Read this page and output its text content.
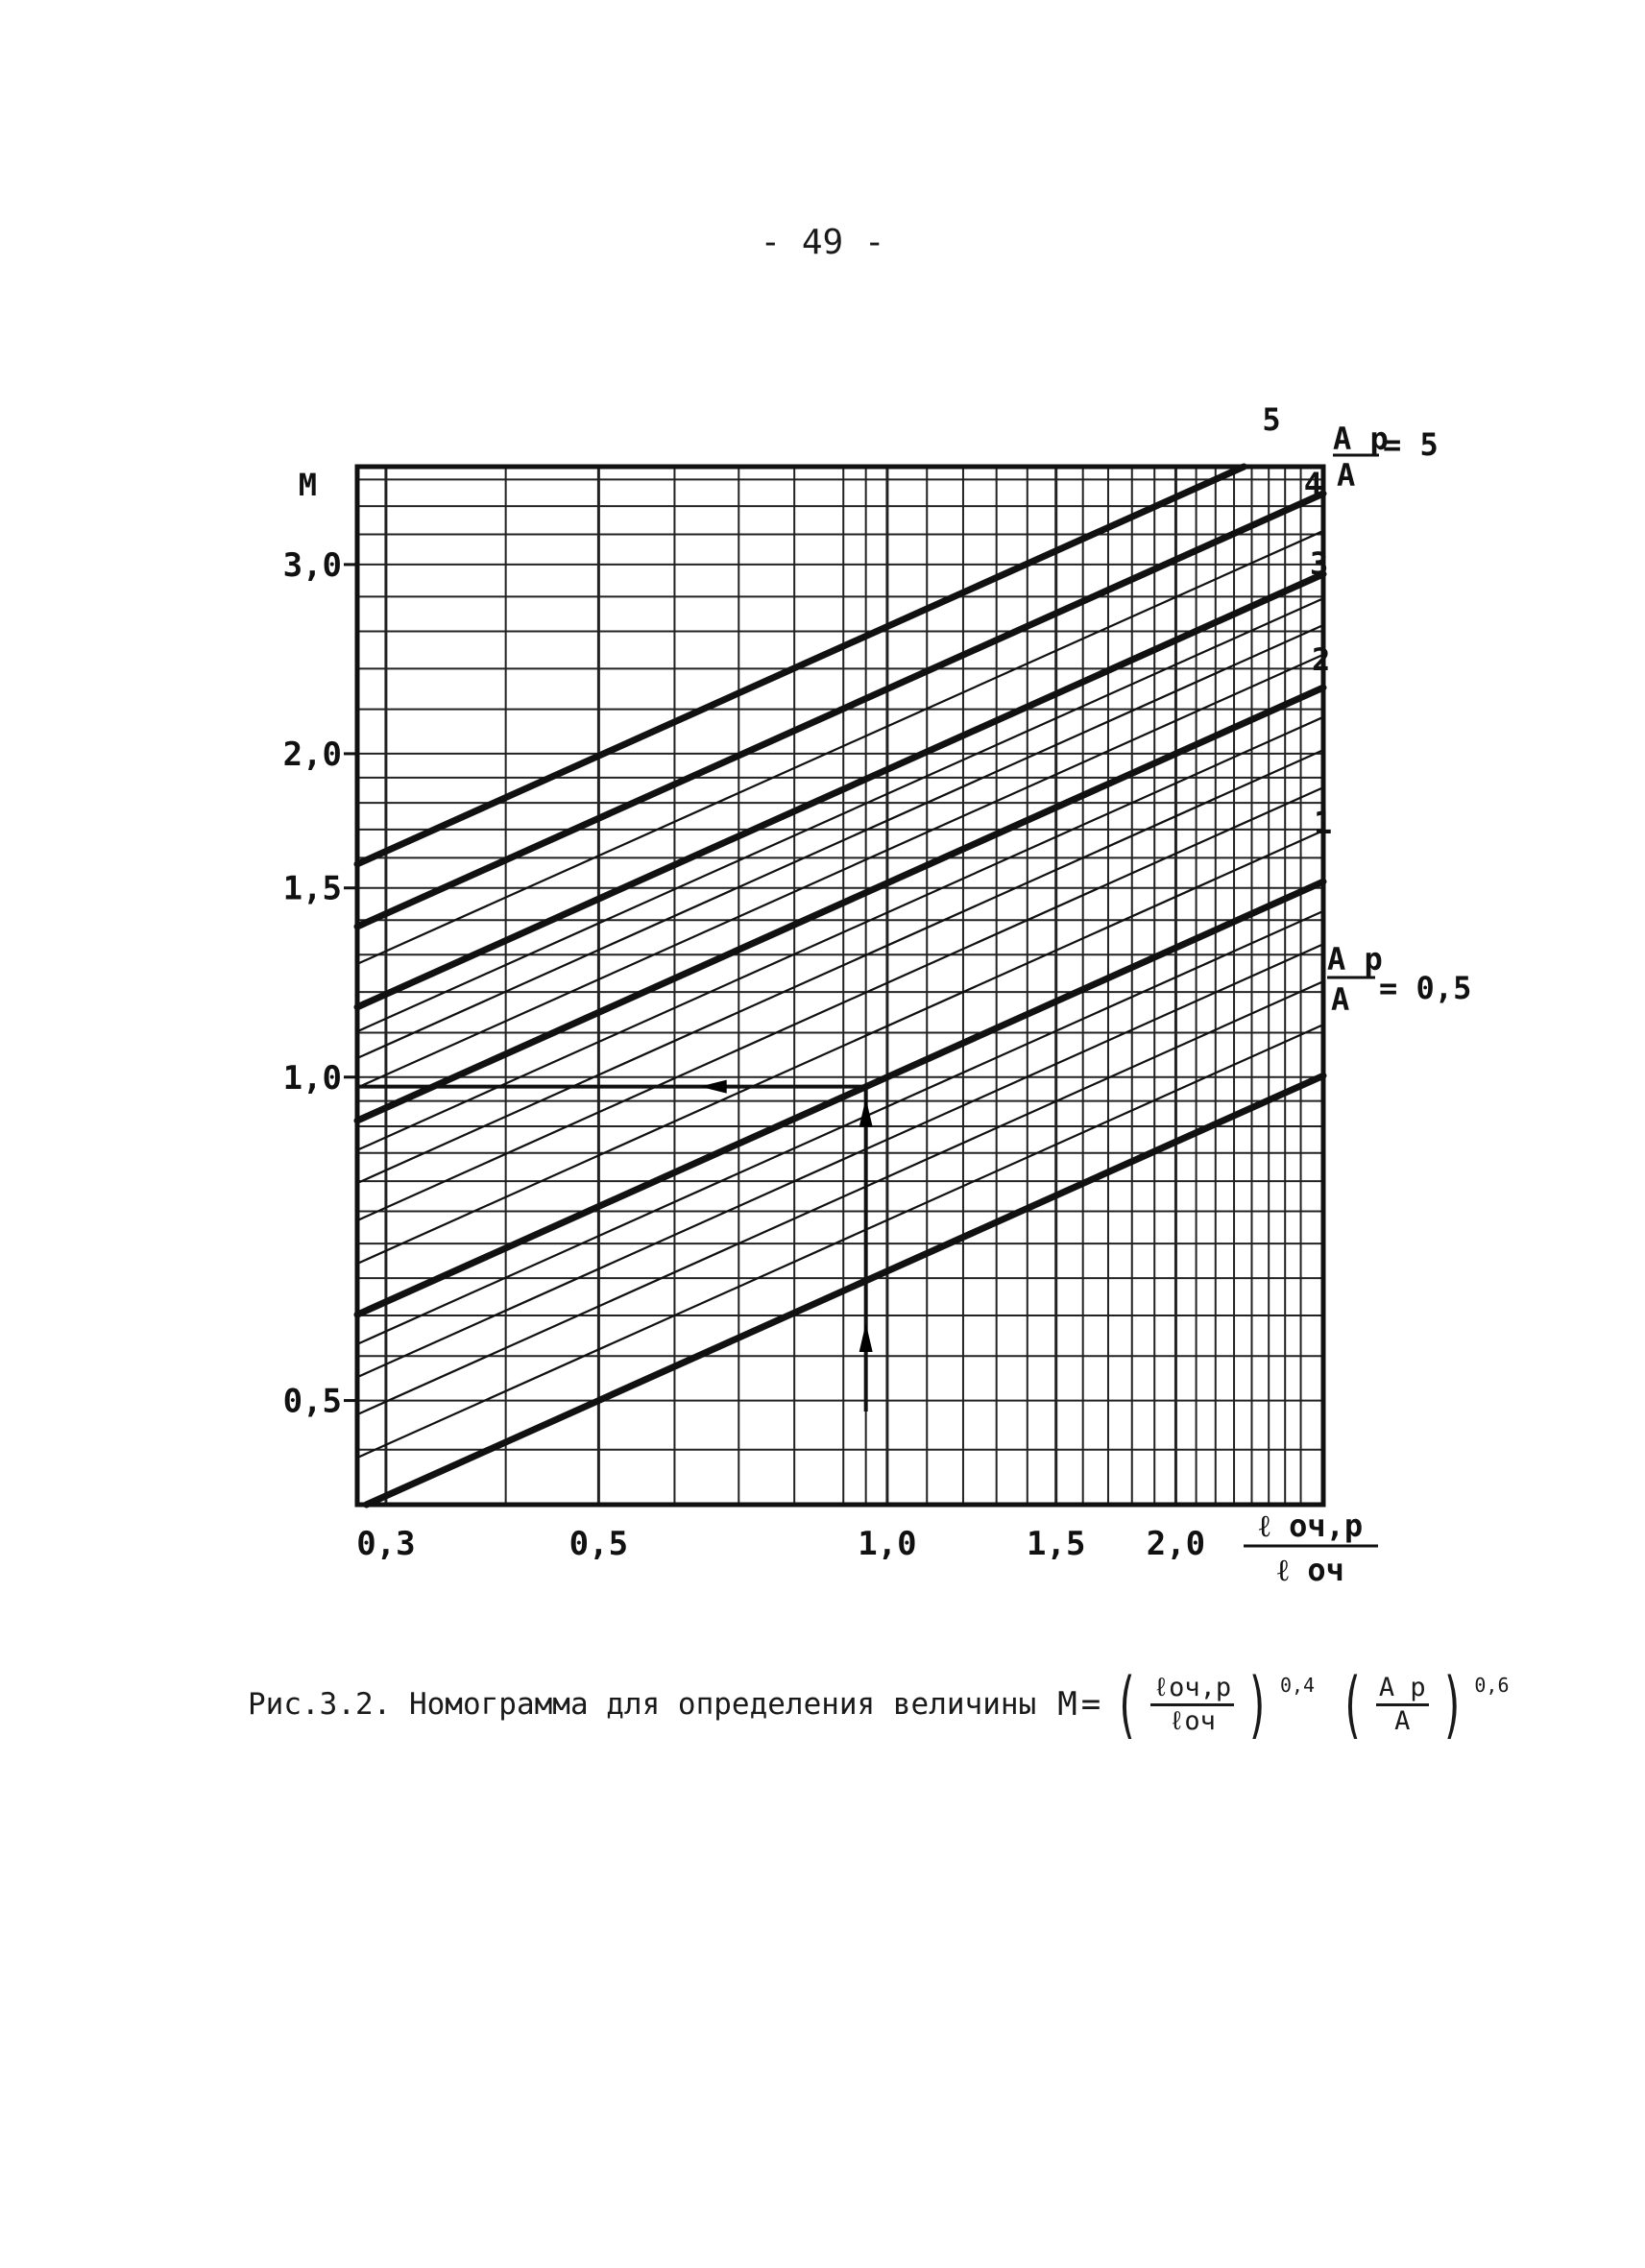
- 49 -
0,5
1,0
1,5
2,0
3,0
0,3	0,5	1,0	1,5 2,0
M
ℓ оч,р
ℓ оч
5
A р
A
= 5
4
3
2
1
A р
A = 0,5
Рис.3.2. Номограмма для определения величины M = ( $\frac{\text{ℓоч,р}}{\text{ℓоч}}$ ) 0,4 ( $\frac{\text{A р}}{A}$ ) 0,6
